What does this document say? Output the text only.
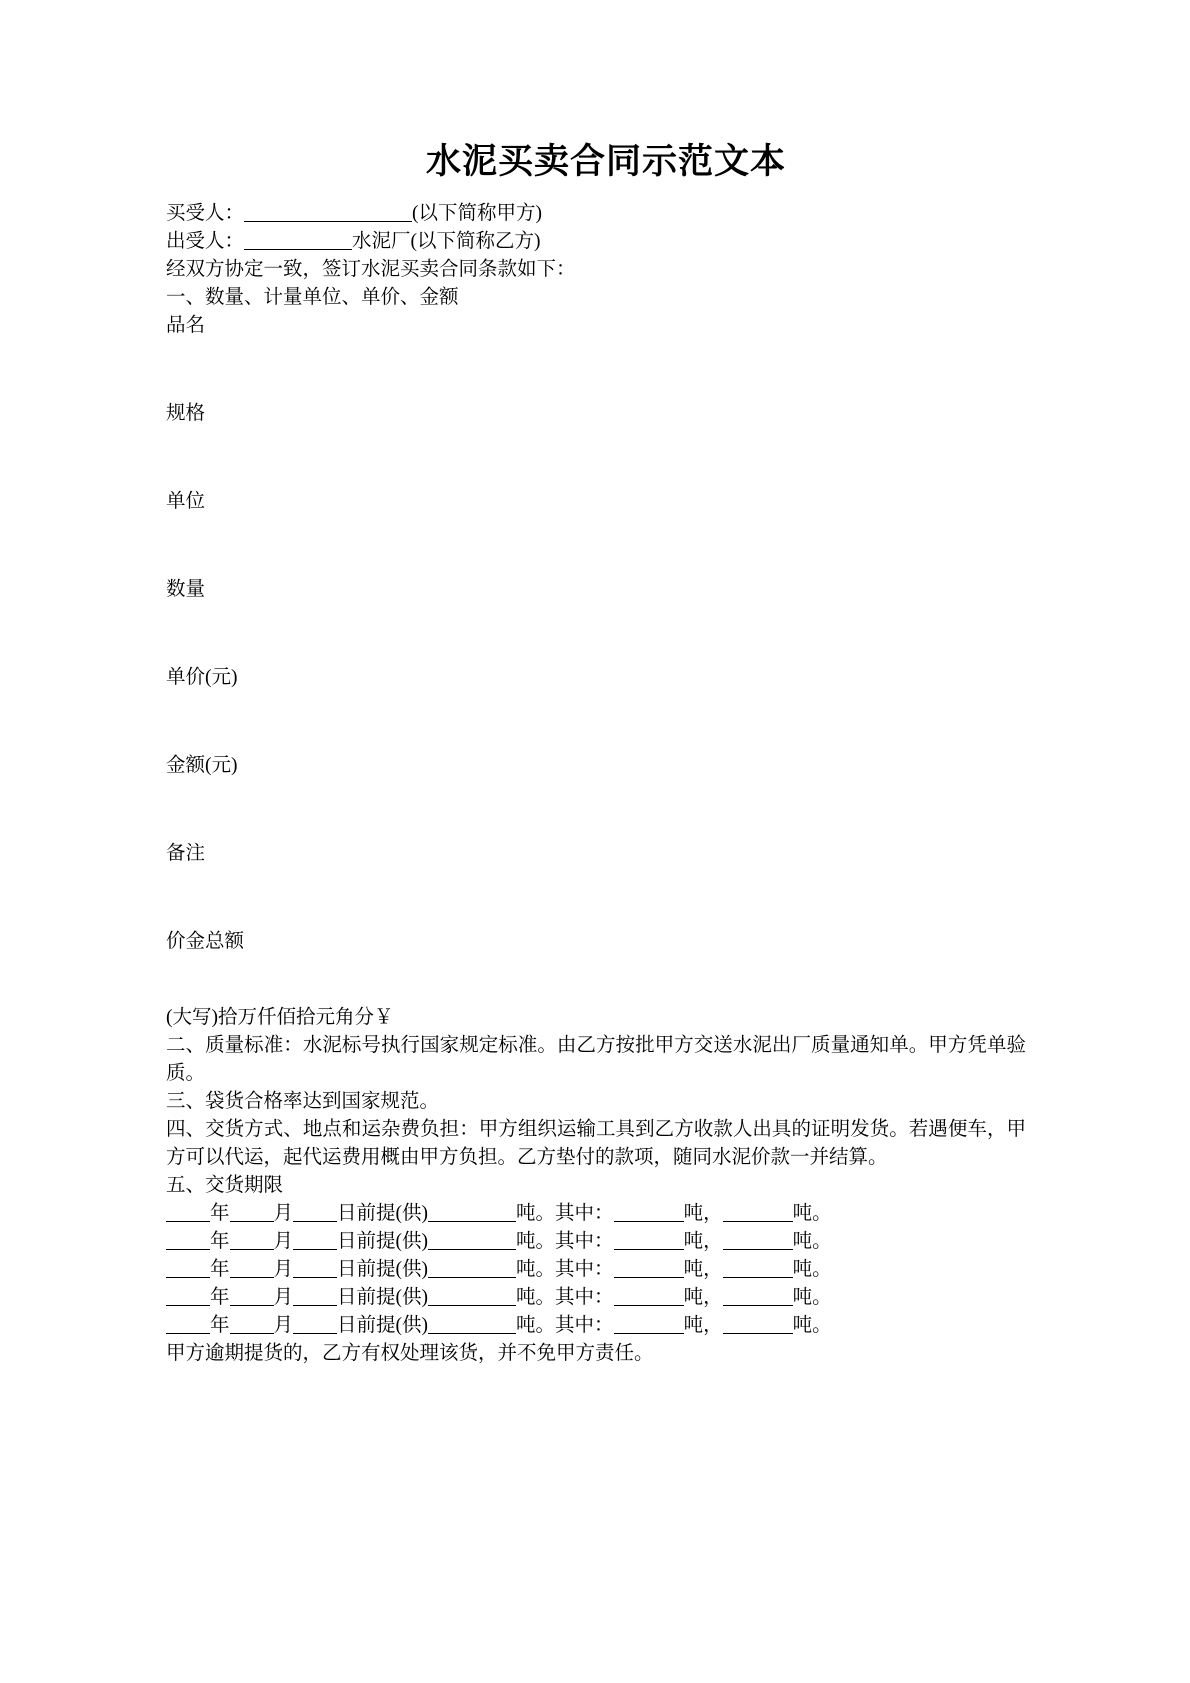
水泥买卖合同示范文本

买受人：	(以下简称甲方)

出受人：	水泥厂(以下简称乙方)

经双方协定一致，签订水泥买卖合同条款如下：

一、数量、计量单位、单价、金额

品名

规格

单位

数量

单价(元)

金额(元)

备注

价金总额

(大写)拾万仟佰拾元角分￥

二、质量标准：水泥标号执行国家规定标准。由乙方按批甲方交送水泥出厂质量通知单。甲方凭单验质。

三、袋货合格率达到国家规范。

四、交货方式、地点和运杂费负担：甲方组织运输工具到乙方收款人出具的证明发货。若遇便车，甲方可以代运，起代运费用概由甲方负担。乙方垫付的款项，随同水泥价款一并结算。

五、交货期限

年 月 日前提(供)	吨。其中：	吨，	吨。
年 月 日前提(供)	吨。其中：	吨，	吨。
年 月 日前提(供)	吨。其中：	吨，	吨。
年 月 日前提(供)	吨。其中：	吨，	吨。
年 月 日前提(供)	吨。其中：	吨，	吨。

甲方逾期提货的，乙方有权处理该货，并不免甲方责任。
